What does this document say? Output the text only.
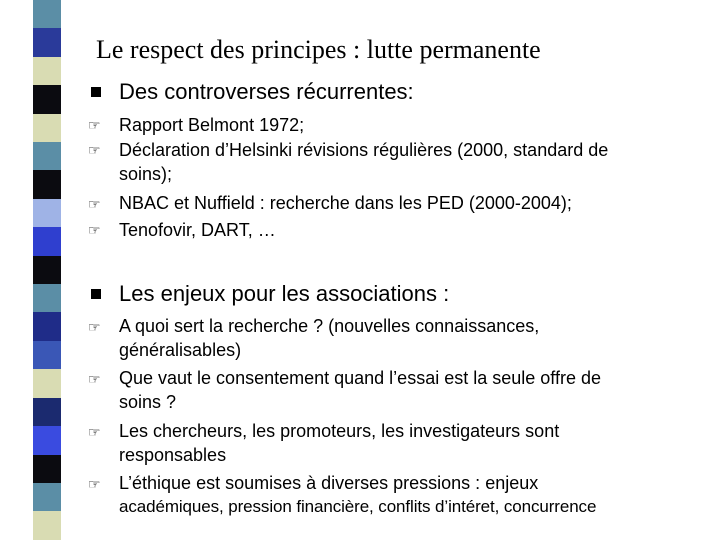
Le respect des principes : lutte permanente
Des controverses récurrentes:
☞ Rapport Belmont 1972;
☞ Déclaration d’Helsinki révisions régulières (2000, standard de
soins);
☞ NBAC et Nuffield : recherche dans les PED (2000-2004);
☞ Tenofovir, DART, …
Les enjeux pour les associations :
☞ A quoi sert la recherche ? (nouvelles connaissances,
généralisables)
☞ Que vaut le consentement quand l’essai est la seule offre de
soins ?
☞ Les chercheurs, les promoteurs, les investigateurs sont
responsables
☞ L’éthique est soumises à diverses pressions : enjeux
académiques, pression financière, conflits d’intéret, concurrence
